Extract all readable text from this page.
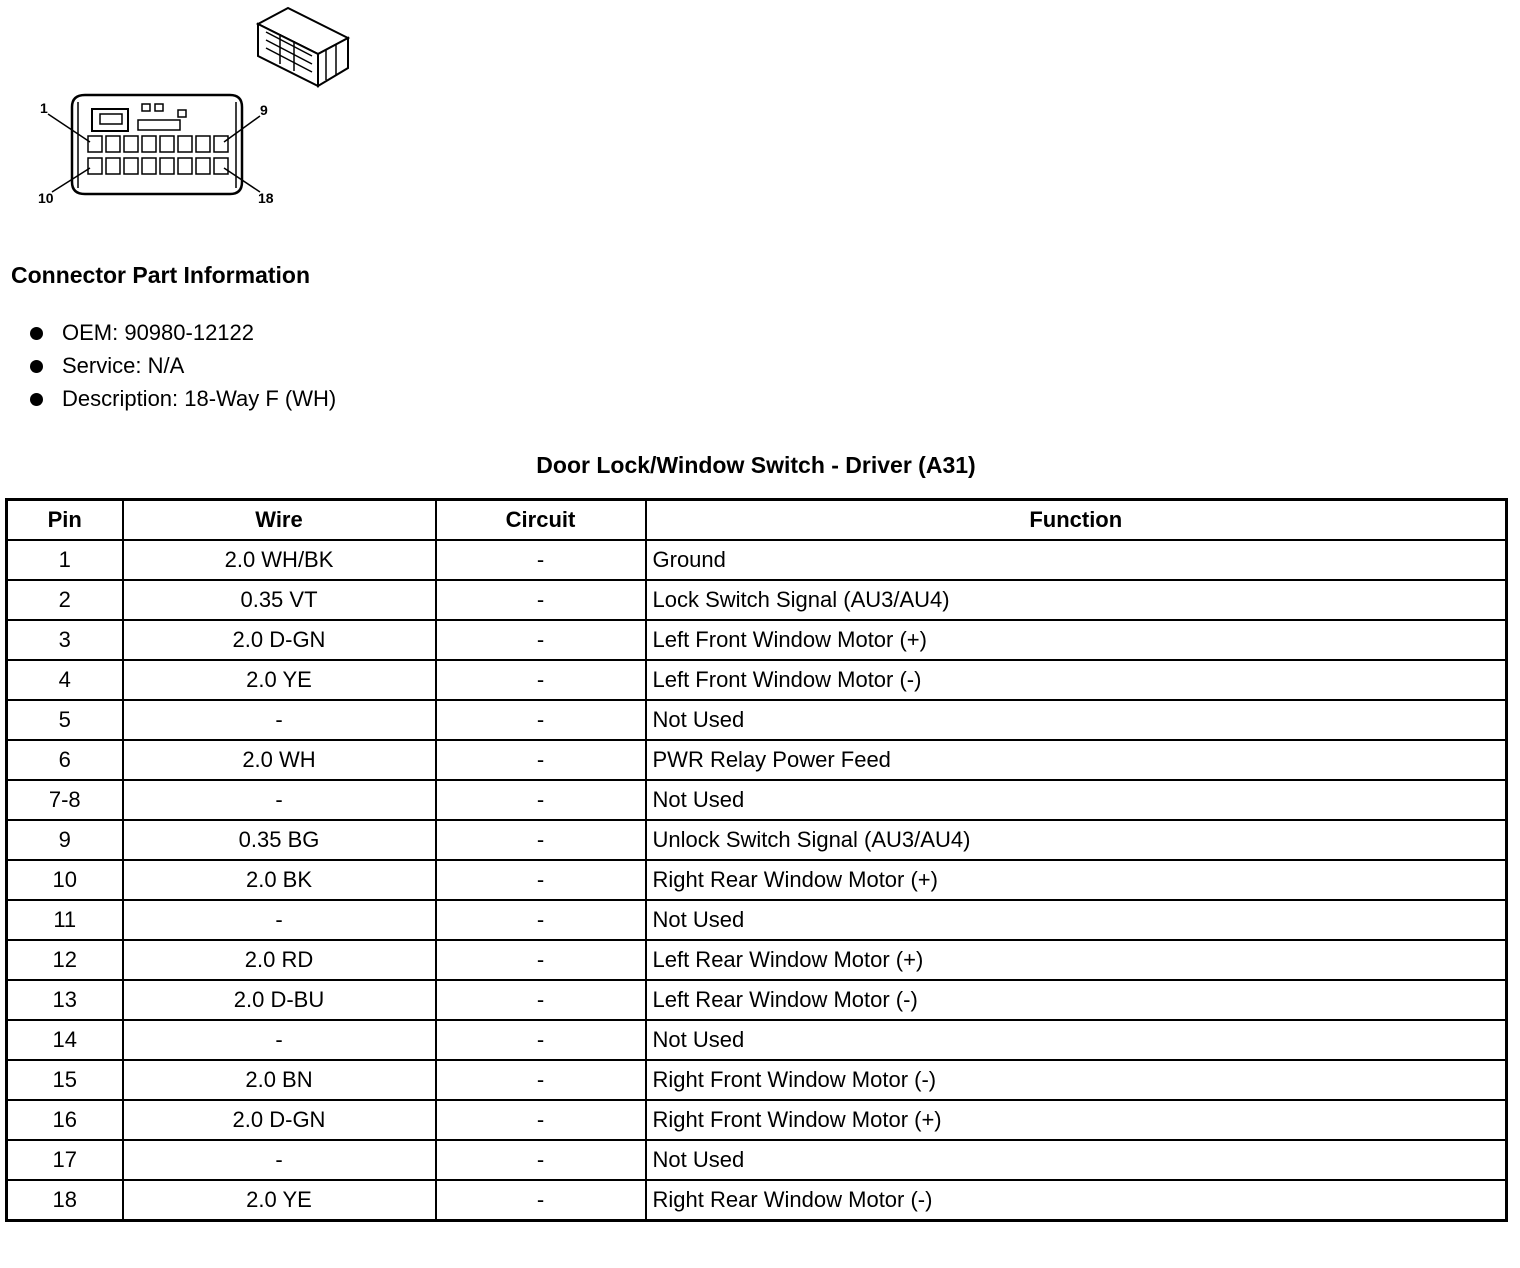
1	9
10	18
Connector Part Information
OEM: 90980-12122
Service: N/A
Description: 18-Way F (WH)
Door Lock/Window Switch - Driver (A31)
Pin	Wire	Circuit	Function
1	2.0 WH/BK	-	Ground
2	0.35 VT	-	Lock Switch Signal (AU3/AU4)
3	2.0 D-GN	-	Left Front Window Motor (+)
4	2.0 YE	-	Left Front Window Motor (-)
5	-	-	Not Used
6	2.0 WH	-	PWR Relay Power Feed
7-8	-	-	Not Used
9	0.35 BG	-	Unlock Switch Signal (AU3/AU4)
10	2.0 BK	-	Right Rear Window Motor (+)
11	-	-	Not Used
12	2.0 RD	-	Left Rear Window Motor (+)
13	2.0 D-BU	-	Left Rear Window Motor (-)
14	-	-	Not Used
15	2.0 BN	-	Right Front Window Motor (-)
16	2.0 D-GN	-	Right Front Window Motor (+)
17	-	-	Not Used
18	2.0 YE	-	Right Rear Window Motor (-)
